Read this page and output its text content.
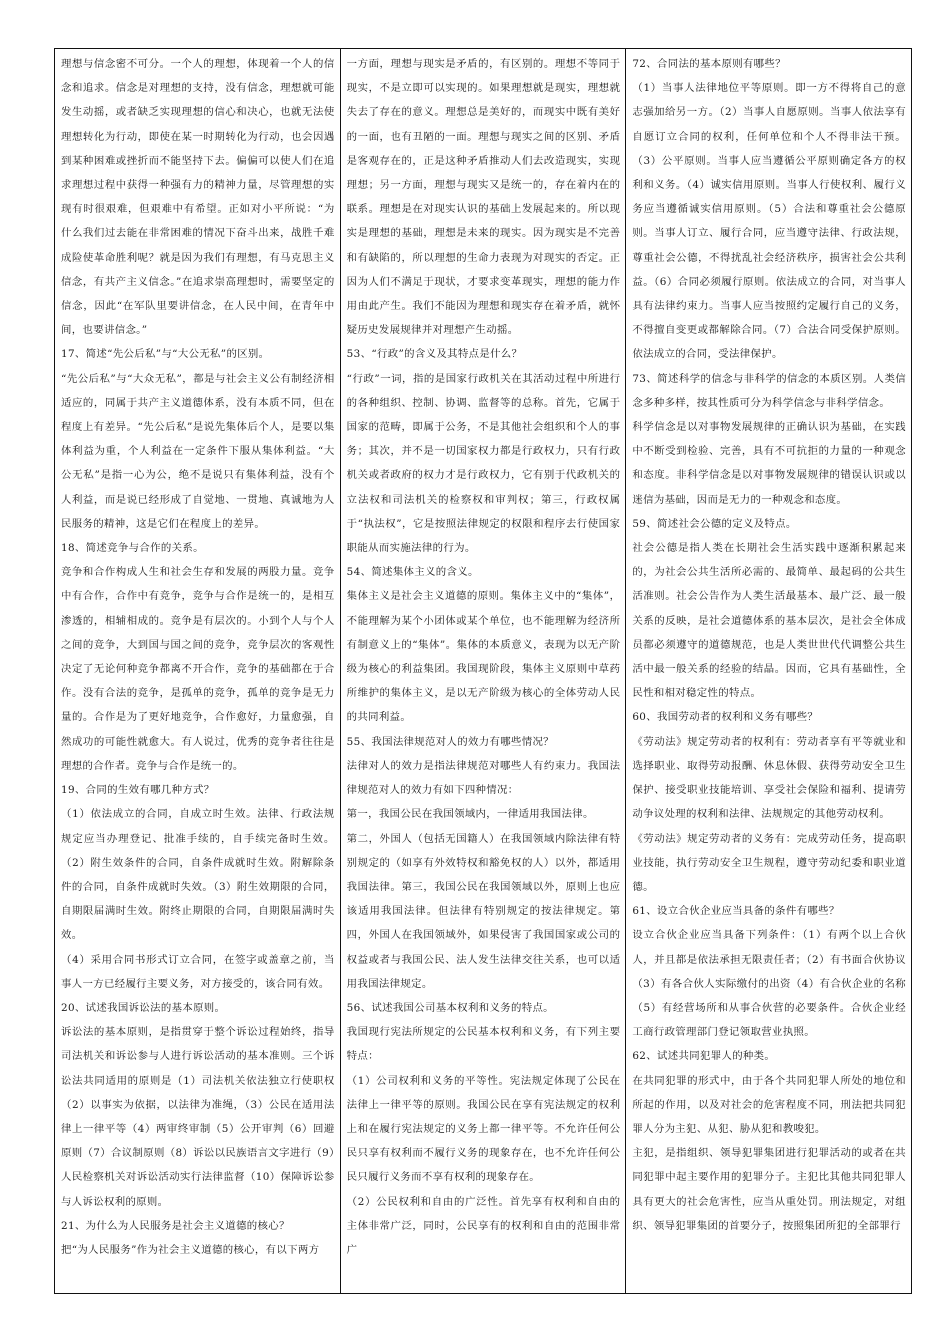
理想与信念密不可分。一个人的理想，体现着一个人的信念和追求。信念是对理想的支持，没有信念，理想就可能发生动摇，或者缺乏实现理想的信心和决心，也就无法使理想转化为行动，即使在某一时期转化为行动，也会因遇到某种困难或挫折而不能坚持下去。偏偏可以使人们在追求理想过程中获得一种强有力的精神力量，尽管理想的实现有时很艰难，但艰难中有希望。正如对小平所说：“为什么我们过去能在非常困难的情况下奋斗出来，战胜千难成险使革命胜利呢？就是因为我们有理想，有马克思主义信念，有共产主义信念。”在追求崇高理想时，需要坚定的信念，因此“在军队里要讲信念，在人民中间，在青年中间，也要讲信念。”

17、简述“先公后私”与“大公无私”的区别。

“先公后私”与“大众无私”，都是与社会主义公有制经济相适应的，同属于共产主义道德体系，没有本质不同，但在程度上有差异。“先公后私”是说先集体后个人，是要以集体利益为重，个人利益在一定条件下服从集体利益。“大公无私”是指一心为公，绝不是说只有集体利益，没有个人利益，而是说已经形成了自觉地、一贯地、真诚地为人民服务的精神，这是它们在程度上的差异。

18、简述竞争与合作的关系。

竞争和合作构成人生和社会生存和发展的两股力量。竞争中有合作，合作中有竞争，竞争与合作是统一的，是相互渗透的，相辅相成的。竞争是有层次的。小到个人与个人之间的竞争，大到国与国之间的竞争，竞争层次的客观性决定了无论何种竞争都离不开合作，竞争的基础都在于合作。没有合法的竞争，是孤单的竞争，孤单的竞争是无力量的。合作是为了更好地竞争，合作愈好，力量愈强，自然成功的可能性就愈大。有人说过，优秀的竞争者往往是理想的合作者。竞争与合作是统一的。

19、合同的生效有哪几种方式？

（1）依法成立的合同，自成立时生效。法律、行政法规规定应当办理登记、批准手续的，自手续完备时生效。（2）附生效条件的合同，自条件成就时生效。附解除条件的合同，自条件成就时失效。（3）附生效期限的合同，自期限届满时生效。附终止期限的合同，自期限届满时失效。

（4）采用合同书形式订立合同，在签字或盖章之前，当事人一方已经履行主要义务，对方接受的，该合同有效。

20、试述我国诉讼法的基本原则。

诉讼法的基本原则，是指贯穿于整个诉讼过程始终，指导司法机关和诉讼参与人进行诉讼活动的基本准则。三个诉讼法共同适用的原则是（1）司法机关依法独立行使职权（2）以事实为依据，以法律为准绳，（3）公民在适用法律上一律平等（4）两审终审制（5）公开审判（6）回避原则（7）合议制原则（8）诉讼以民族语言文字进行（9）人民检察机关对诉讼活动实行法律监督（10）保障诉讼参与人诉讼权利的原则。

21、为什么为人民服务是社会主义道德的核心？

把“为人民服务”作为社会主义道德的核心，有以下两方

一方面，理想与现实是矛盾的，有区别的。理想不等同于现实，不是立即可以实现的。如果理想就是现实，理想就失去了存在的意义。理想总是美好的，而现实中既有美好的一面，也有丑陋的一面。理想与现实之间的区别、矛盾是客观存在的，正是这种矛盾推动人们去改造现实，实现理想；另一方面，理想与现实又是统一的，存在着内在的联系。理想是在对现实认识的基础上发展起来的。所以现实是理想的基础，理想是未来的现实。因为现实是不完善和有缺陷的，所以理想的生命力表现为对现实的否定。正因为人们不满足于现状，才要求变革现实，理想的能力作用由此产生。我们不能因为理想和现实存在着矛盾，就怀疑历史发展规律并对理想产生动摇。

53、“行政”的含义及其特点是什么？

“行政”一词，指的是国家行政机关在其活动过程中所进行的各种组织、控制、协调、监督等的总称。首先，它属于国家的范畴，即属于公务，不是其他社会组织和个人的事务；其次，并不是一切国家权力都是行政权力，只有行政机关或者政府的权力才是行政权力，它有别于代政机关的立法权和司法机关的检察权和审判权；第三，行政权属于“执法权”，它是按照法律规定的权限和程序去行使国家职能从而实施法律的行为。

54、简述集体主义的含义。

集体主义是社会主义道德的原则。集体主义中的“集体”，不能理解为某个小团体或某个单位，也不能理解为经济所有制意义上的“集体”。集体的本质意义，表现为以无产阶级为核心的利益集团。我国现阶段，集体主义原则中草药所维护的集体主义，是以无产阶级为核心的全体劳动人民的共同利益。

55、我国法律规范对人的效力有哪些情况？

法律对人的效力是指法律规范对哪些人有约束力。我国法律规范对人的效力有如下四种情况：

第一，我国公民在我国领域内，一律适用我国法律。

第二，外国人（包括无国籍人）在我国领域内除法律有特别规定的（如享有外效特权和豁免权的人）以外，都适用我国法律。第三，我国公民在我国领域以外，原则上也应该适用我国法律。但法律有特别规定的按法律规定。第四，外国人在我国领域外，如果侵害了我国国家或公司的权益或者与我国公民、法人发生法律交往关系，也可以适用我国法律规定。

56、试述我国公司基本权利和义务的特点。

我国现行宪法所规定的公民基本权利和义务，有下列主要特点：

（1）公司权利和义务的平等性。宪法规定体现了公民在法律上一律平等的原则。我国公民在享有宪法规定的权利上和在履行宪法规定的义务上都一律平等。不允许任何公民只享有权利而不履行义务的现象存在，也不允许任何公民只履行义务而不享有权利的现象存在。

（2）公民权利和自由的广泛性。首先享有权利和自由的主体非常广泛，同时，公民享有的权利和自由的范围非常广

72、合同法的基本原则有哪些？

（1）当事人法律地位平等原则。即一方不得将自己的意志强加给另一方。（2）当事人自愿原则。当事人依法享有自愿订立合同的权利，任何单位和个人不得非法干预。（3）公平原则。当事人应当遵循公平原则确定各方的权利和义务。（4）诚实信用原则。当事人行使权利、履行义务应当遵循诚实信用原则。（5）合法和尊重社会公德原则。当事人订立、履行合同，应当遵守法律、行政法规，尊重社会公德，不得扰乱社会经济秩序，损害社会公共利益。（6）合同必须履行原则。依法成立的合同，对当事人具有法律约束力。当事人应当按照约定履行自己的义务，不得擅自变更或都解除合同。（7）合法合同受保护原则。依法成立的合同，受法律保护。

73、简述科学的信念与非科学的信念的本质区别。人类信念多种多样，按其性质可分为科学信念与非科学信念。

科学信念是以对事物发展规律的正确认识为基础，在实践中不断受到检验、完善，具有不可抗拒的力量的一种观念和态度。非科学信念是以对事物发展规律的错误认识或以迷信为基础，因而是无力的一种观念和态度。

59、简述社会公德的定义及特点。

社会公德是指人类在长期社会生活实践中逐渐积累起来的，为社会公共生活所必需的、最简单、最起码的公共生活准则。社会公告作为人类生活最基本、最广泛、最一般关系的反映，是社会道德体系的基本层次，是社会全体成员都必须遵守的道德规范，也是人类世世代代调整公共生活中最一般关系的经验的结晶。因而，它具有基础性，全民性和相对稳定性的特点。

60、我国劳动者的权利和义务有哪些？

《劳动法》规定劳动者的权利有：劳动者享有平等就业和选择职业、取得劳动报酬、休息休假、获得劳动安全卫生保护、接受职业技能培训、享受社会保险和福利、提请劳动争议处理的权利和法律、法规规定的其他劳动权利。

《劳动法》规定劳动者的义务有：完成劳动任务，提高职业技能，执行劳动安全卫生规程，遵守劳动纪委和职业道德。

61、设立合伙企业应当具备的条件有哪些？

设立合伙企业应当具备下列条件：（1）有两个以上合伙人，并且都是依法承担无限责任者；（2）有书面合伙协议（3）有各合伙人实际缴付的出资（4）有合伙企业的名称（5）有经营场所和从事合伙营的必要条件。合伙企业经工商行政管理部门登记领取营业执照。

62、试述共同犯罪人的种类。

在共同犯罪的形式中，由于各个共同犯罪人所处的地位和所起的作用，以及对社会的危害程度不同，刑法把共同犯罪人分为主犯、从犯、胁从犯和教唆犯。

主犯，是指组织、领导犯罪集团进行犯罪活动的或者在共同犯罪中起主要作用的犯罪分子。主犯比其他共同犯罪人具有更大的社会危害性，应当从重处罚。刑法规定，对组织、领导犯罪集团的首要分子，按照集团所犯的全部罪行
